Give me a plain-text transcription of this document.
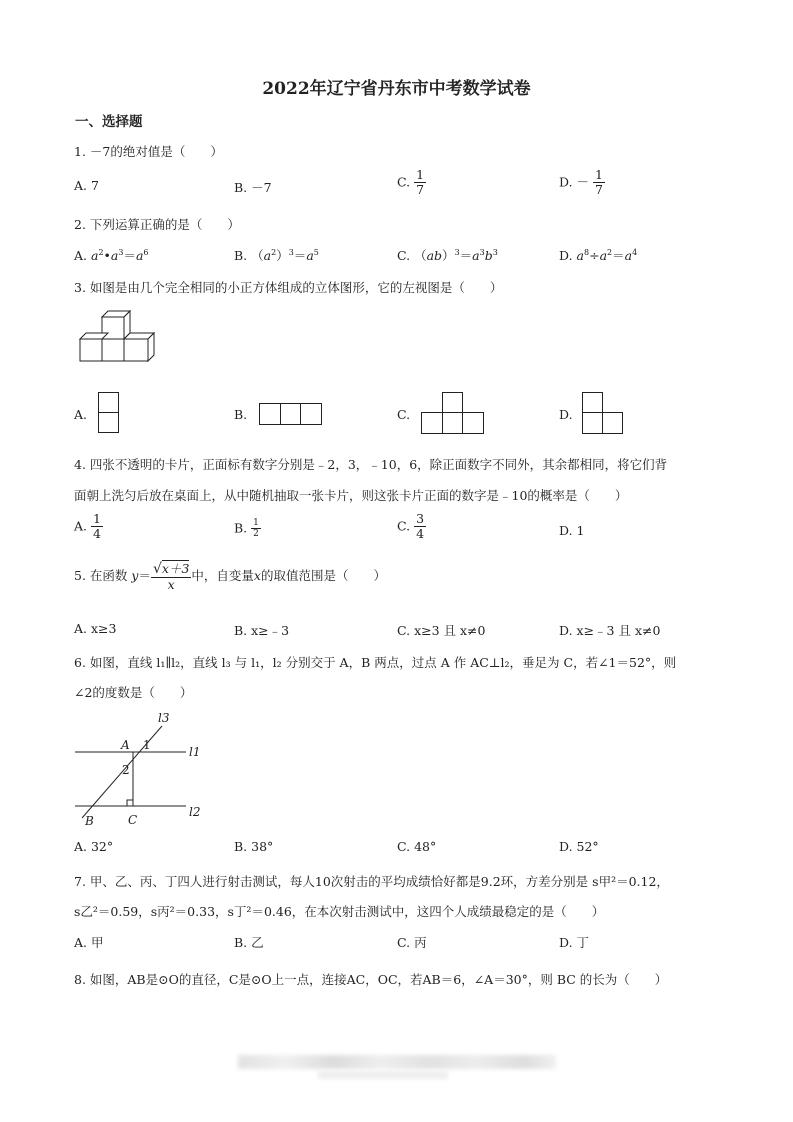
2022年辽宁省丹东市中考数学试卷
一、选择题
1. －7的绝对值是（　　）
A. 7	B. －7	C. $\frac{1}{7}$	D. － $\frac{1}{7}$
2. 下列运算正确的是（　　）
A. $a^2•a^3=a^6$	B. $(a^2)^3=a^5$	C. $(ab)^3=a^3b^3$	D. $a^8\div a^2=a^4$
3. 如图是由几个完全相同的小正方体组成的立体图形，它的左视图是（　　）
A.	B.	C.	D.
4. 四张不透明的卡片，正面标有数字分别是﹣2，3，﹣10，6，除正面数字不同外，其余都相同，将它们背
面朝上洗匀后放在桌面上，从中随机抽取一张卡片，则这张卡片正面的数字是﹣10的概率是（　　）
A. $\frac{1}{4}$	B. $\frac{1}{2}$	C. $\frac{3}{4}$	D. 1
5. 在函数 $y= \frac{√x+3}{x}$ 中，自变量x的取值范围是（　　）
A. x≥3	B. x≥﹣3	C. x≥3 且 x≠0	D. x≥﹣3 且 x≠0
6. 如图，直线 l₁∥l₂，直线 l₃ 与 l₁，l₂ 分别交于 A，B 两点，过点 A 作 AC⊥l₂，垂足为 C，若∠1＝52°，则
∠2的度数是（　　）
l3
l1
l2
A 1
2
B	C
A. 32°	B. 38°	C. 48°	D. 52°
7. 甲、乙、丙、丁四人进行射击测试，每人10次射击的平均成绩恰好都是9.2环，方差分别是 s甲²＝0.12，
s乙²＝0.59，s丙²＝0.33，s丁²＝0.46，在本次射击测试中，这四个人成绩最稳定的是（　　）
A. 甲	B. 乙	C. 丙	D. 丁
8. 如图，AB是⊙O的直径，C是⊙O上一点，连接AC，OC，若AB＝6，∠A＝30°，则 BC 的长为（　　）
